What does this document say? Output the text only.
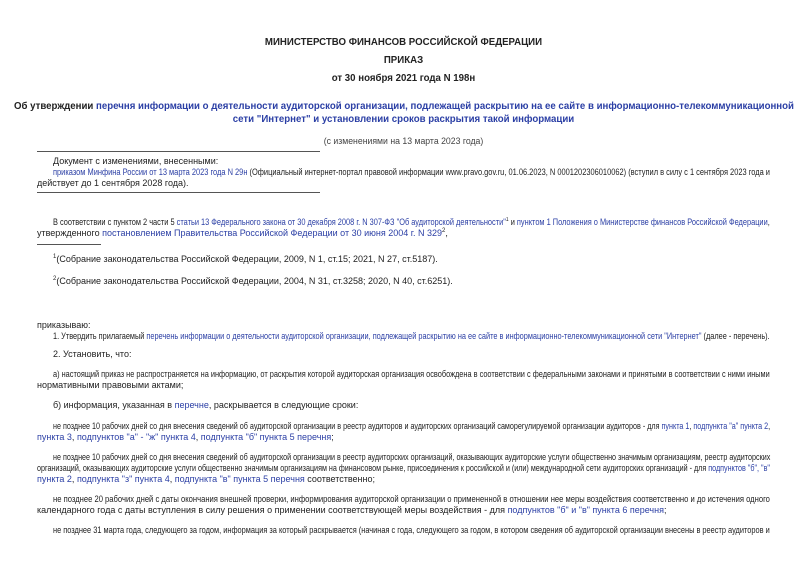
МИНИСТЕРСТВО ФИНАНСОВ РОССИЙСКОЙ ФЕДЕРАЦИИ
ПРИКАЗ
от 30 ноября 2021 года N 198н
Об утверждении перечня информации о деятельности аудиторской организации, подлежащей раскрытию на ее сайте в информационно-телекоммуникационной
сети "Интернет" и установлении сроков раскрытия такой информации
(с изменениями на 13 марта 2023 года)
Документ с изменениями, внесенными:
приказом Минфина России от 13 марта 2023 года N 29н (Официальный интернет-портал правовой информации www.pravo.gov.ru, 01.06.2023, N 0001202306010062) (вступил в силу с 1 сентября 2023 года и
действует до 1 сентября 2028 года).
В соответствии с пунктом 2 части 5 статьи 13 Федерального закона от 30 декабря 2008 г. N 307-ФЗ "Об аудиторской деятельности"$^1$ и пунктом 1 Положения о Министерстве финансов Российской Федерации,
утвержденного постановлением Правительства Российской Федерации от 30 июня 2004 г. N $329^2$,
$^1$(Собрание законодательства Российской Федерации, 2009, N 1, ст.15; 2021, N 27, ст.5187).
$^2$(Собрание законодательства Российской Федерации, 2004, N 31, ст.3258; 2020, N 40, ст.6251).
приказываю:
1. Утвердить прилагаемый перечень информации о деятельности аудиторской организации, подлежащей раскрытию на ее сайте в информационно-телекоммуникационной сети "Интернет" (далее - перечень).
2. Установить, что:
а) настоящий приказ не распространяется на информацию, от раскрытия которой аудиторская организация освобождена в соответствии с федеральными законами и принятыми в соответствии с ними иными
нормативными правовыми актами;
б) информация, указанная в перечне, раскрывается в следующие сроки:
не позднее 10 рабочих дней со дня внесения сведений об аудиторской организации в реестр аудиторов и аудиторских организаций саморегулируемой организации аудиторов - для пункта 1, подпункта "а" пункта 2,
пункта 3, подпунктов "а" - "ж" пункта 4, подпункта "б" пункта 5 перечня;
не позднее 10 рабочих дней со дня внесения сведений об аудиторской организации в реестр аудиторских организаций, оказывающих аудиторские услуги общественно значимым организациям, реестр аудиторских
организаций, оказывающих аудиторские услуги общественно значимым организациям на финансовом рынке, присоединения к российской и (или) международной сети аудиторских организаций - для подпунктов "б", "в"
пункта 2, подпункта "з" пункта 4, подпункта "в" пункта 5 перечня соответственно;
не позднее 20 рабочих дней с даты окончания внешней проверки, информирования аудиторской организации о примененной в отношении нее меры воздействия соответственно и до истечения одного
календарного года с даты вступления в силу решения о применении соответствующей меры воздействия - для подпунктов "б" и "в" пункта 6 перечня;
не позднее 31 марта года, следующего за годом, информация за который раскрывается (начиная с года, следующего за годом, в котором сведения об аудиторской организации внесены в реестр аудиторов и
